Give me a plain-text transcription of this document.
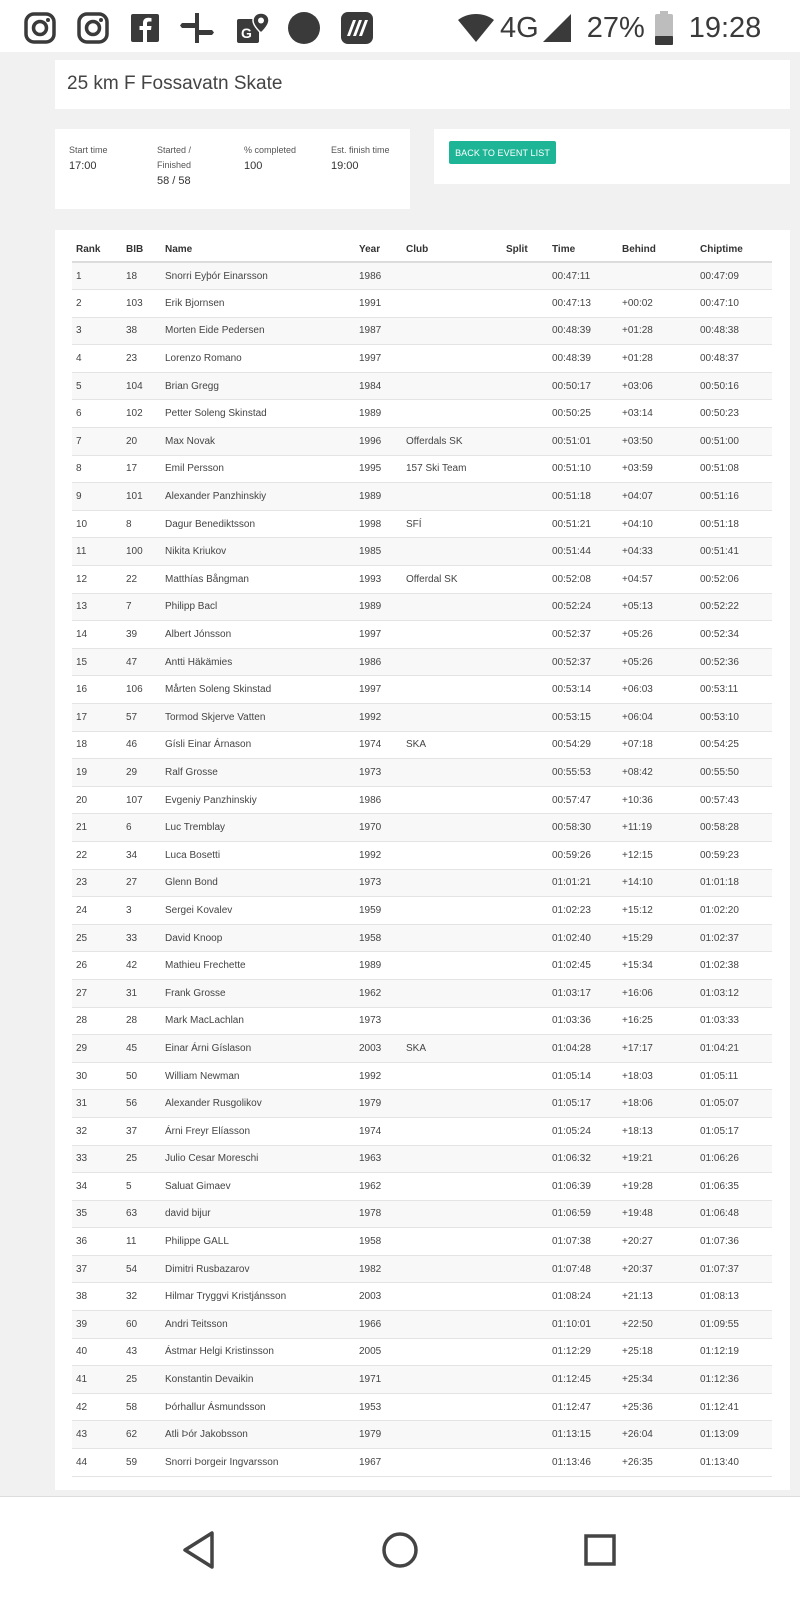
G	4G 27% 19:28
25 km F Fossavatn Skate
Start time
17:00
Started /
Finished
58 / 58
% completed
100
Est. finish time
19:00
BACK TO EVENT LIST
Rank	BIB	Name	Year	Club	Split	Time	Behind	Chiptime
1	18	Snorri Eyþór Einarsson	1986			00:47:11		00:47:09
2	103	Erik Bjornsen	1991			00:47:13	+00:02	00:47:10
3	38	Morten Eide Pedersen	1987			00:48:39	+01:28	00:48:38
4	23	Lorenzo Romano	1997			00:48:39	+01:28	00:48:37
5	104	Brian Gregg	1984			00:50:17	+03:06	00:50:16
6	102	Petter Soleng Skinstad	1989			00:50:25	+03:14	00:50:23
7	20	Max Novak	1996	Offerdals SK		00:51:01	+03:50	00:51:00
8	17	Emil Persson	1995	157 Ski Team		00:51:10	+03:59	00:51:08
9	101	Alexander Panzhinskiy	1989			00:51:18	+04:07	00:51:16
10	8	Dagur Benediktsson	1998	SFÍ		00:51:21	+04:10	00:51:18
11	100	Nikita Kriukov	1985			00:51:44	+04:33	00:51:41
12	22	Matthías Bångman	1993	Offerdal SK		00:52:08	+04:57	00:52:06
13	7	Philipp Bacl	1989			00:52:24	+05:13	00:52:22
14	39	Albert Jónsson	1997			00:52:37	+05:26	00:52:34
15	47	Antti Häkämies	1986			00:52:37	+05:26	00:52:36
16	106	Mårten Soleng Skinstad	1997			00:53:14	+06:03	00:53:11
17	57	Tormod Skjerve Vatten	1992			00:53:15	+06:04	00:53:10
18	46	Gísli Einar Árnason	1974	SKA		00:54:29	+07:18	00:54:25
19	29	Ralf Grosse	1973			00:55:53	+08:42	00:55:50
20	107	Evgeniy Panzhinskiy	1986			00:57:47	+10:36	00:57:43
21	6	Luc Tremblay	1970			00:58:30	+11:19	00:58:28
22	34	Luca Bosetti	1992			00:59:26	+12:15	00:59:23
23	27	Glenn Bond	1973			01:01:21	+14:10	01:01:18
24	3	Sergei Kovalev	1959			01:02:23	+15:12	01:02:20
25	33	David Knoop	1958			01:02:40	+15:29	01:02:37
26	42	Mathieu Frechette	1989			01:02:45	+15:34	01:02:38
27	31	Frank Grosse	1962			01:03:17	+16:06	01:03:12
28	28	Mark MacLachlan	1973			01:03:36	+16:25	01:03:33
29	45	Einar Árni Gíslason	2003	SKA		01:04:28	+17:17	01:04:21
30	50	William Newman	1992			01:05:14	+18:03	01:05:11
31	56	Alexander Rusgolikov	1979			01:05:17	+18:06	01:05:07
32	37	Árni Freyr Elíasson	1974			01:05:24	+18:13	01:05:17
33	25	Julio Cesar Moreschi	1963			01:06:32	+19:21	01:06:26
34	5	Saluat Gimaev	1962			01:06:39	+19:28	01:06:35
35	63	david bijur	1978			01:06:59	+19:48	01:06:48
36	11	Philippe GALL	1958			01:07:38	+20:27	01:07:36
37	54	Dimitri Rusbazarov	1982			01:07:48	+20:37	01:07:37
38	32	Hilmar Tryggvi Kristjánsson	2003			01:08:24	+21:13	01:08:13
39	60	Andri Teitsson	1966			01:10:01	+22:50	01:09:55
40	43	Ástmar Helgi Kristinsson	2005			01:12:29	+25:18	01:12:19
41	25	Konstantin Devaikin	1971			01:12:45	+25:34	01:12:36
42	58	Þórhallur Ásmundsson	1953			01:12:47	+25:36	01:12:41
43	62	Atli Þór Jakobsson	1979			01:13:15	+26:04	01:13:09
44	59	Snorri Þorgeir Ingvarsson	1967			01:13:46	+26:35	01:13:40
